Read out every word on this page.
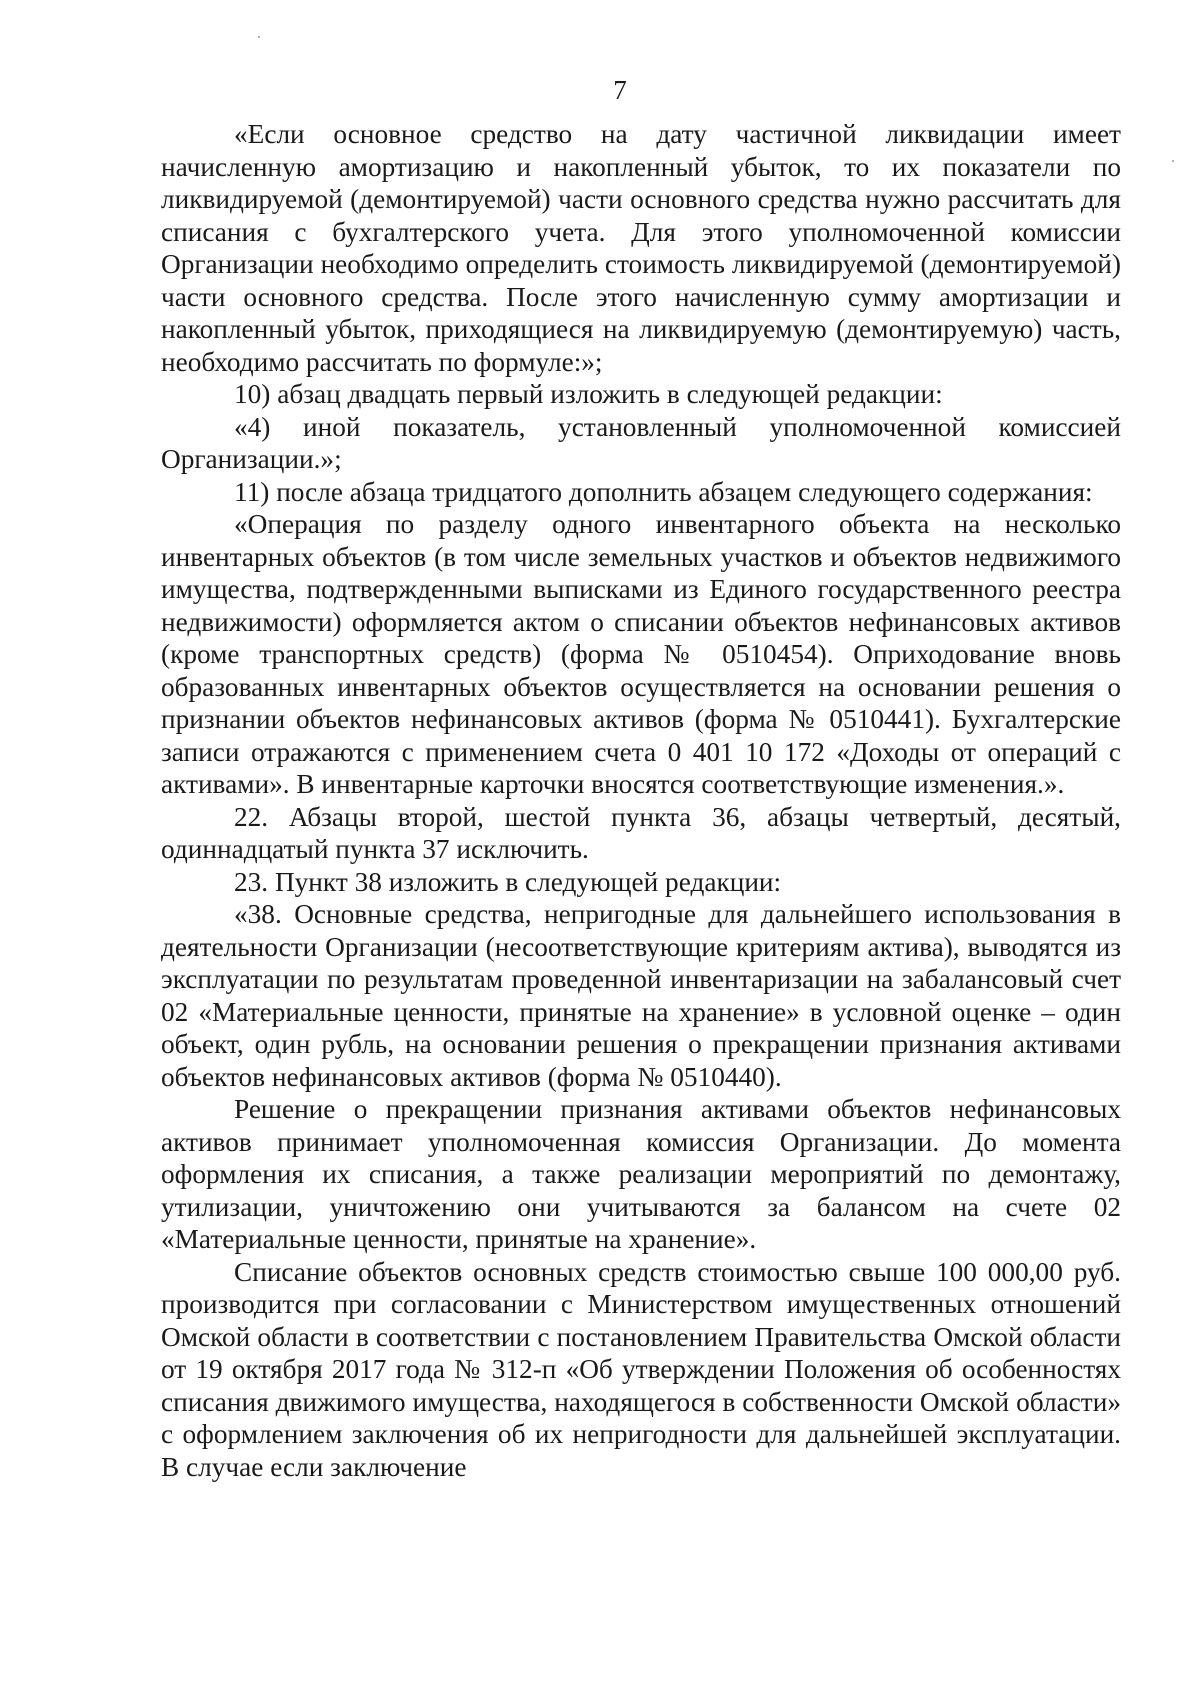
7

«Если основное средство на дату частичной ликвидации имеет начисленную амортизацию и накопленный убыток, то их показатели по ликвидируемой (демонтируемой) части основного средства нужно рассчитать для списания с бухгалтерского учета. Для этого уполномоченной комиссии Организации необходимо определить стоимость ликвидируемой (демонтируемой) части основного средства. После этого начисленную сумму амортизации и накопленный убыток, приходящиеся на ликвидируемую (демонтируемую) часть, необходимо рассчитать по формуле:»;

10) абзац двадцать первый изложить в следующей редакции:

«4) иной показатель, установленный уполномоченной комиссией Организации.»;

11) после абзаца тридцатого дополнить абзацем следующего содержания:

«Операция по разделу одного инвентарного объекта на несколько инвентарных объектов (в том числе земельных участков и объектов недвижимого имущества, подтвержденными выписками из Единого государственного реестра недвижимости) оформляется актом о списании объектов нефинансовых активов (кроме транспортных средств) (форма № 0510454). Оприходование вновь образованных инвентарных объектов осуществляется на основании решения о признании объектов нефинансовых активов (форма № 0510441). Бухгалтерские записи отражаются с применением счета 0 401 10 172 «Доходы от операций с активами». В инвентарные карточки вносятся соответствующие изменения.».

22. Абзацы второй, шестой пункта 36, абзацы четвертый, десятый, одиннадцатый пункта 37 исключить.

23. Пункт 38 изложить в следующей редакции:

«38. Основные средства, непригодные для дальнейшего использования в деятельности Организации (несоответствующие критериям актива), выводятся из эксплуатации по результатам проведенной инвентаризации на забалансовый счет 02 «Материальные ценности, принятые на хранение» в условной оценке – один объект, один рубль, на основании решения о прекращении признания активами объектов нефинансовых активов (форма № 0510440).

Решение о прекращении признания активами объектов нефинансовых активов принимает уполномоченная комиссия Организации. До момента оформления их списания, а также реализации мероприятий по демонтажу, утилизации, уничтожению они учитываются за балансом на счете 02 «Материальные ценности, принятые на хранение».

Списание объектов основных средств стоимостью свыше 100 000,00 руб. производится при согласовании с Министерством имущественных отношений Омской области в соответствии с постановлением Правительства Омской области от 19 октября 2017 года № 312-п «Об утверждении Положения об особенностях списания движимого имущества, находящегося в собственности Омской области» с оформлением заключения об их непригодности для дальнейшей эксплуатации. В случае если заключение
